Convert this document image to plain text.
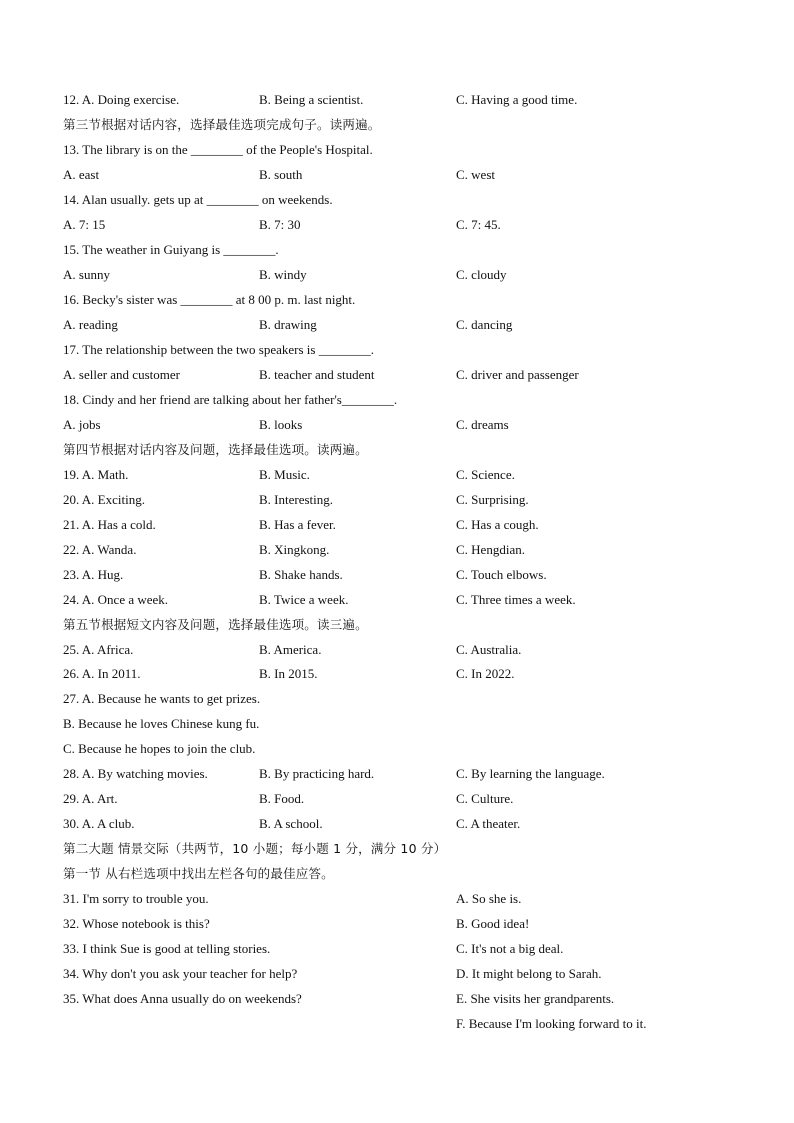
12. A. Doing exercise.	B. Being a scientist.	C. Having a good time.
第三节根据对话内容，选择最佳选项完成句子。读两遍。
13. The library is on the ________ of the People's Hospital.
A. east	B. south	C. west
14. Alan usually. gets up at ________ on weekends.
A. 7: 15	B. 7: 30	C. 7: 45.
15. The weather in Guiyang is ________.
A. sunny	B. windy	C. cloudy
16. Becky's sister was ________ at 8 00 p. m. last night.
A. reading	B. drawing	C. dancing
17. The relationship between the two speakers is ________.
A. seller and customer	B. teacher and student	C. driver and passenger
18. Cindy and her friend are talking about her father's________.
A. jobs	B. looks	C. dreams
第四节根据对话内容及问题，选择最佳选项。读两遍。
19. A. Math.	B. Music.	C. Science.
20. A. Exciting.	B. Interesting.	C. Surprising.
21. A. Has a cold.	B. Has a fever.	C. Has a cough.
22. A. Wanda.	B. Xingkong.	C. Hengdian.
23. A. Hug.	B. Shake hands.	C. Touch elbows.
24. A. Once a week.	B. Twice a week.	C. Three times a week.
第五节根据短文内容及问题，选择最佳选项。读三遍。
25. A. Africa.	B. America.	C. Australia.
26. A. In 2011.	B. In 2015.	C. In 2022.
27. A. Because he wants to get prizes.
B. Because he loves Chinese kung fu.
C. Because he hopes to join the club.
28. A. By watching movies.	B. By practicing hard.	C. By learning the language.
29. A. Art.	B. Food.	C. Culture.
30. A. A club.	B. A school.	C. A theater.
第二大题 情景交际（共两节，10 小题；每小题 1 分，满分 10 分）
第一节 从右栏选项中找出左栏各句的最佳应答。
31. I'm sorry to trouble you.	A. So she is.
32. Whose notebook is this?	B. Good idea!
33. I think Sue is good at telling stories.	C. It's not a big deal.
34. Why don't you ask your teacher for help?	D. It might belong to Sarah.
35. What does Anna usually do on weekends?	E. She visits her grandparents.
F. Because I'm looking forward to it.
